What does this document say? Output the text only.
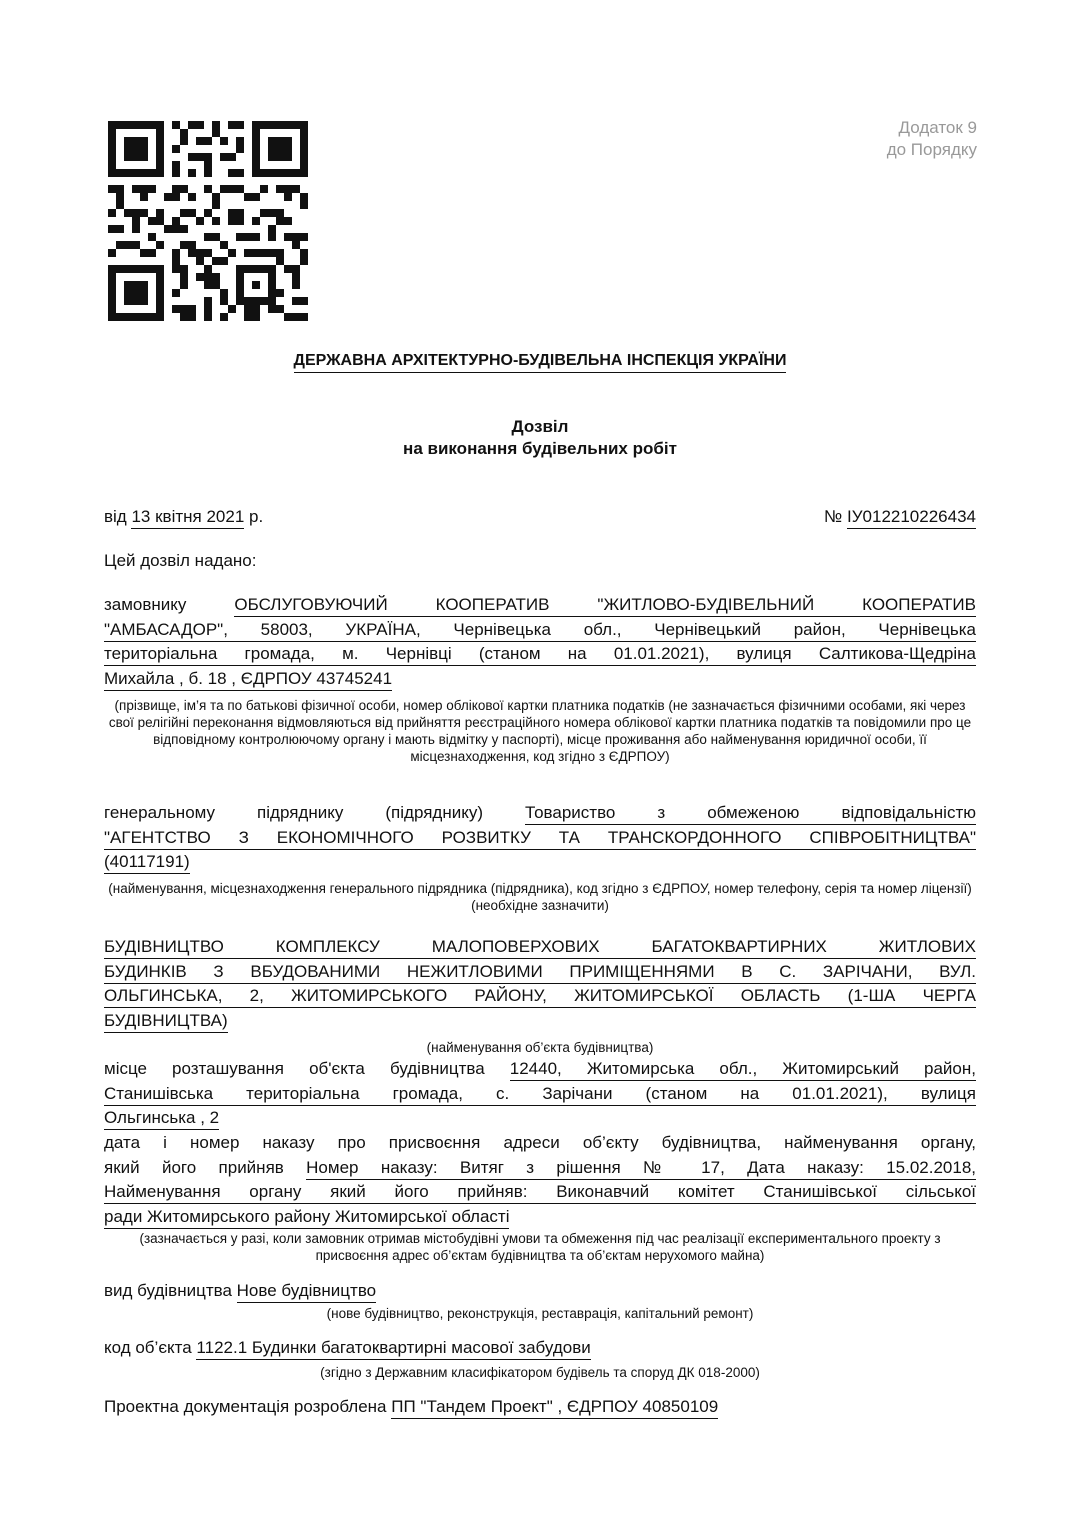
Додаток 9
до Порядку
ДЕРЖАВНА АРХІТЕКТУРНО-БУДІВЕЛЬНА ІНСПЕКЦІЯ УКРАЇНИ
Дозвіл
на виконання будівельних робіт
від 13 квітня 2021 р.	№ ІУ012210226434
Цей дозвіл надано:
замовнику	ОБСЛУГОВУЮЧИЙ КООПЕРАТИВ "ЖИТЛОВО-БУДІВЕЛЬНИЙ КООПЕРАТИВ
"АМБАСАДОР", 58003, УКРАЇНА, Чернівецька обл., Чернівецький район, Чернівецька
територіальна громада, м. Чернівці (станом на 01.01.2021), вулиця Салтикова-Щедріна
Михайла , б. 18 , ЄДРПОУ 43745241
(прізвище, ім’я та по батькові фізичної особи, номер облікової картки платника податків (не зазначається фізичними особами, які через свої релігійні переконання відмовляються від прийняття реєстраційного номера облікової картки платника податків та повідомили про це відповідному контролюючому органу і мають відмітку у паспорті), місце проживання або найменування юридичної особи, її місцезнаходження, код згідно з ЄДРПОУ)
генеральному підряднику (підряднику) Товариство з обмеженою відповідальністю
"АГЕНТСТВО З ЕКОНОМІЧНОГО РОЗВИТКУ ТА ТРАНСКОРДОННОГО СПІВРОБІТНИЦТВА"
(40117191)
(найменування, місцезнаходження генерального підрядника (підрядника), код згідно з ЄДРПОУ, номер телефону, серія та номер ліцензії) (необхідне зазначити)
БУДІВНИЦТВО КОМПЛЕКСУ МАЛОПОВЕРХОВИХ БАГАТОКВАРТИРНИХ ЖИТЛОВИХ
БУДИНКІВ З ВБУДОВАНИМИ НЕЖИТЛОВИМИ ПРИМІЩЕННЯМИ В С. ЗАРІЧАНИ, ВУЛ.
ОЛЬГИНСЬКА, 2, ЖИТОМИРСЬКОГО РАЙОНУ, ЖИТОМИРСЬКОЇ ОБЛАСТЬ (1-ША ЧЕРГА
БУДІВНИЦТВА)
(найменування об’єкта будівництва)
місце розташування об'єкта будівництва 12440, Житомирська обл., Житомирський район,
Станишівська територіальна громада, с. Зарічани (станом на 01.01.2021), вулиця
Ольгинська , 2
дата і номер наказу про присвоєння адреси об’єкту будівництва, найменування органу,
який його прийняв Номер наказу: Витяг з рішення № 17, Дата наказу: 15.02.2018,
Найменування органу який його прийняв: Виконавчий комітет Станишівської сільської
ради Житомирського району Житомирської області
(зазначається у разі, коли замовник отримав містобудівні умови та обмеження під час реалізації експериментального проекту з присвоєння адрес об’єктам будівництва та об’єктам нерухомого майна)
вид будівництва Нове будівництво
(нове будівництво, реконструкція, реставрація, капітальний ремонт)
код об’єкта 1122.1 Будинки багатоквартирні масової забудови
(згідно з Державним класифікатором будівель та споруд ДК 018-2000)
Проектна документація розроблена ПП "Тандем Проект" , ЄДРПОУ 40850109
